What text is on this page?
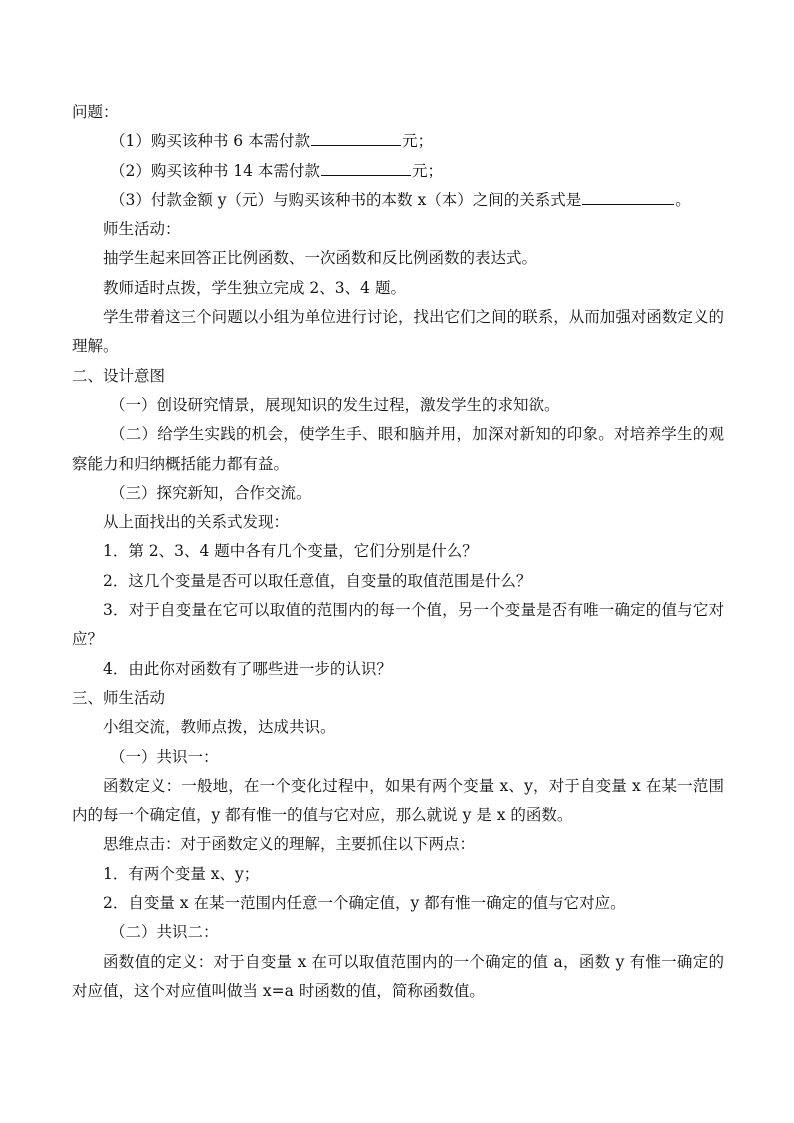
问题：
（1）购买该种书 6 本需付款	元；
（2）购买该种书 14 本需付款	元；
（3）付款金额 y（元）与购买该种书的本数 x（本）之间的关系式是	。
师生活动：
抽学生起来回答正比例函数、一次函数和反比例函数的表达式。
教师适时点拨，学生独立完成 2、3、4 题。
学生带着这三个问题以小组为单位进行讨论，找出它们之间的联系，从而加强对函数定义的理解。
二、设计意图
（一）创设研究情景，展现知识的发生过程，激发学生的求知欲。
（二）给学生实践的机会，使学生手、眼和脑并用，加深对新知的印象。对培养学生的观察能力和归纳概括能力都有益。
（三）探究新知，合作交流。
从上面找出的关系式发现：
1．第 2、3、4 题中各有几个变量，它们分别是什么？
2．这几个变量是否可以取任意值，自变量的取值范围是什么？
3．对于自变量在它可以取值的范围内的每一个值，另一个变量是否有唯一确定的值与它对应？
4．由此你对函数有了哪些进一步的认识？
三、师生活动
小组交流，教师点拨，达成共识。
（一）共识一：
函数定义：一般地，在一个变化过程中，如果有两个变量 x、y，对于自变量 x 在某一范围内的每一个确定值，y 都有惟一的值与它对应，那么就说 y 是 x 的函数。
思维点击：对于函数定义的理解，主要抓住以下两点：
1．有两个变量 x、y；
2．自变量 x 在某一范围内任意一个确定值，y 都有惟一确定的值与它对应。
（二）共识二：
函数值的定义：对于自变量 x 在可以取值范围内的一个确定的值 a，函数 y 有惟一确定的对应值，这个对应值叫做当 x=a 时函数的值，简称函数值。
